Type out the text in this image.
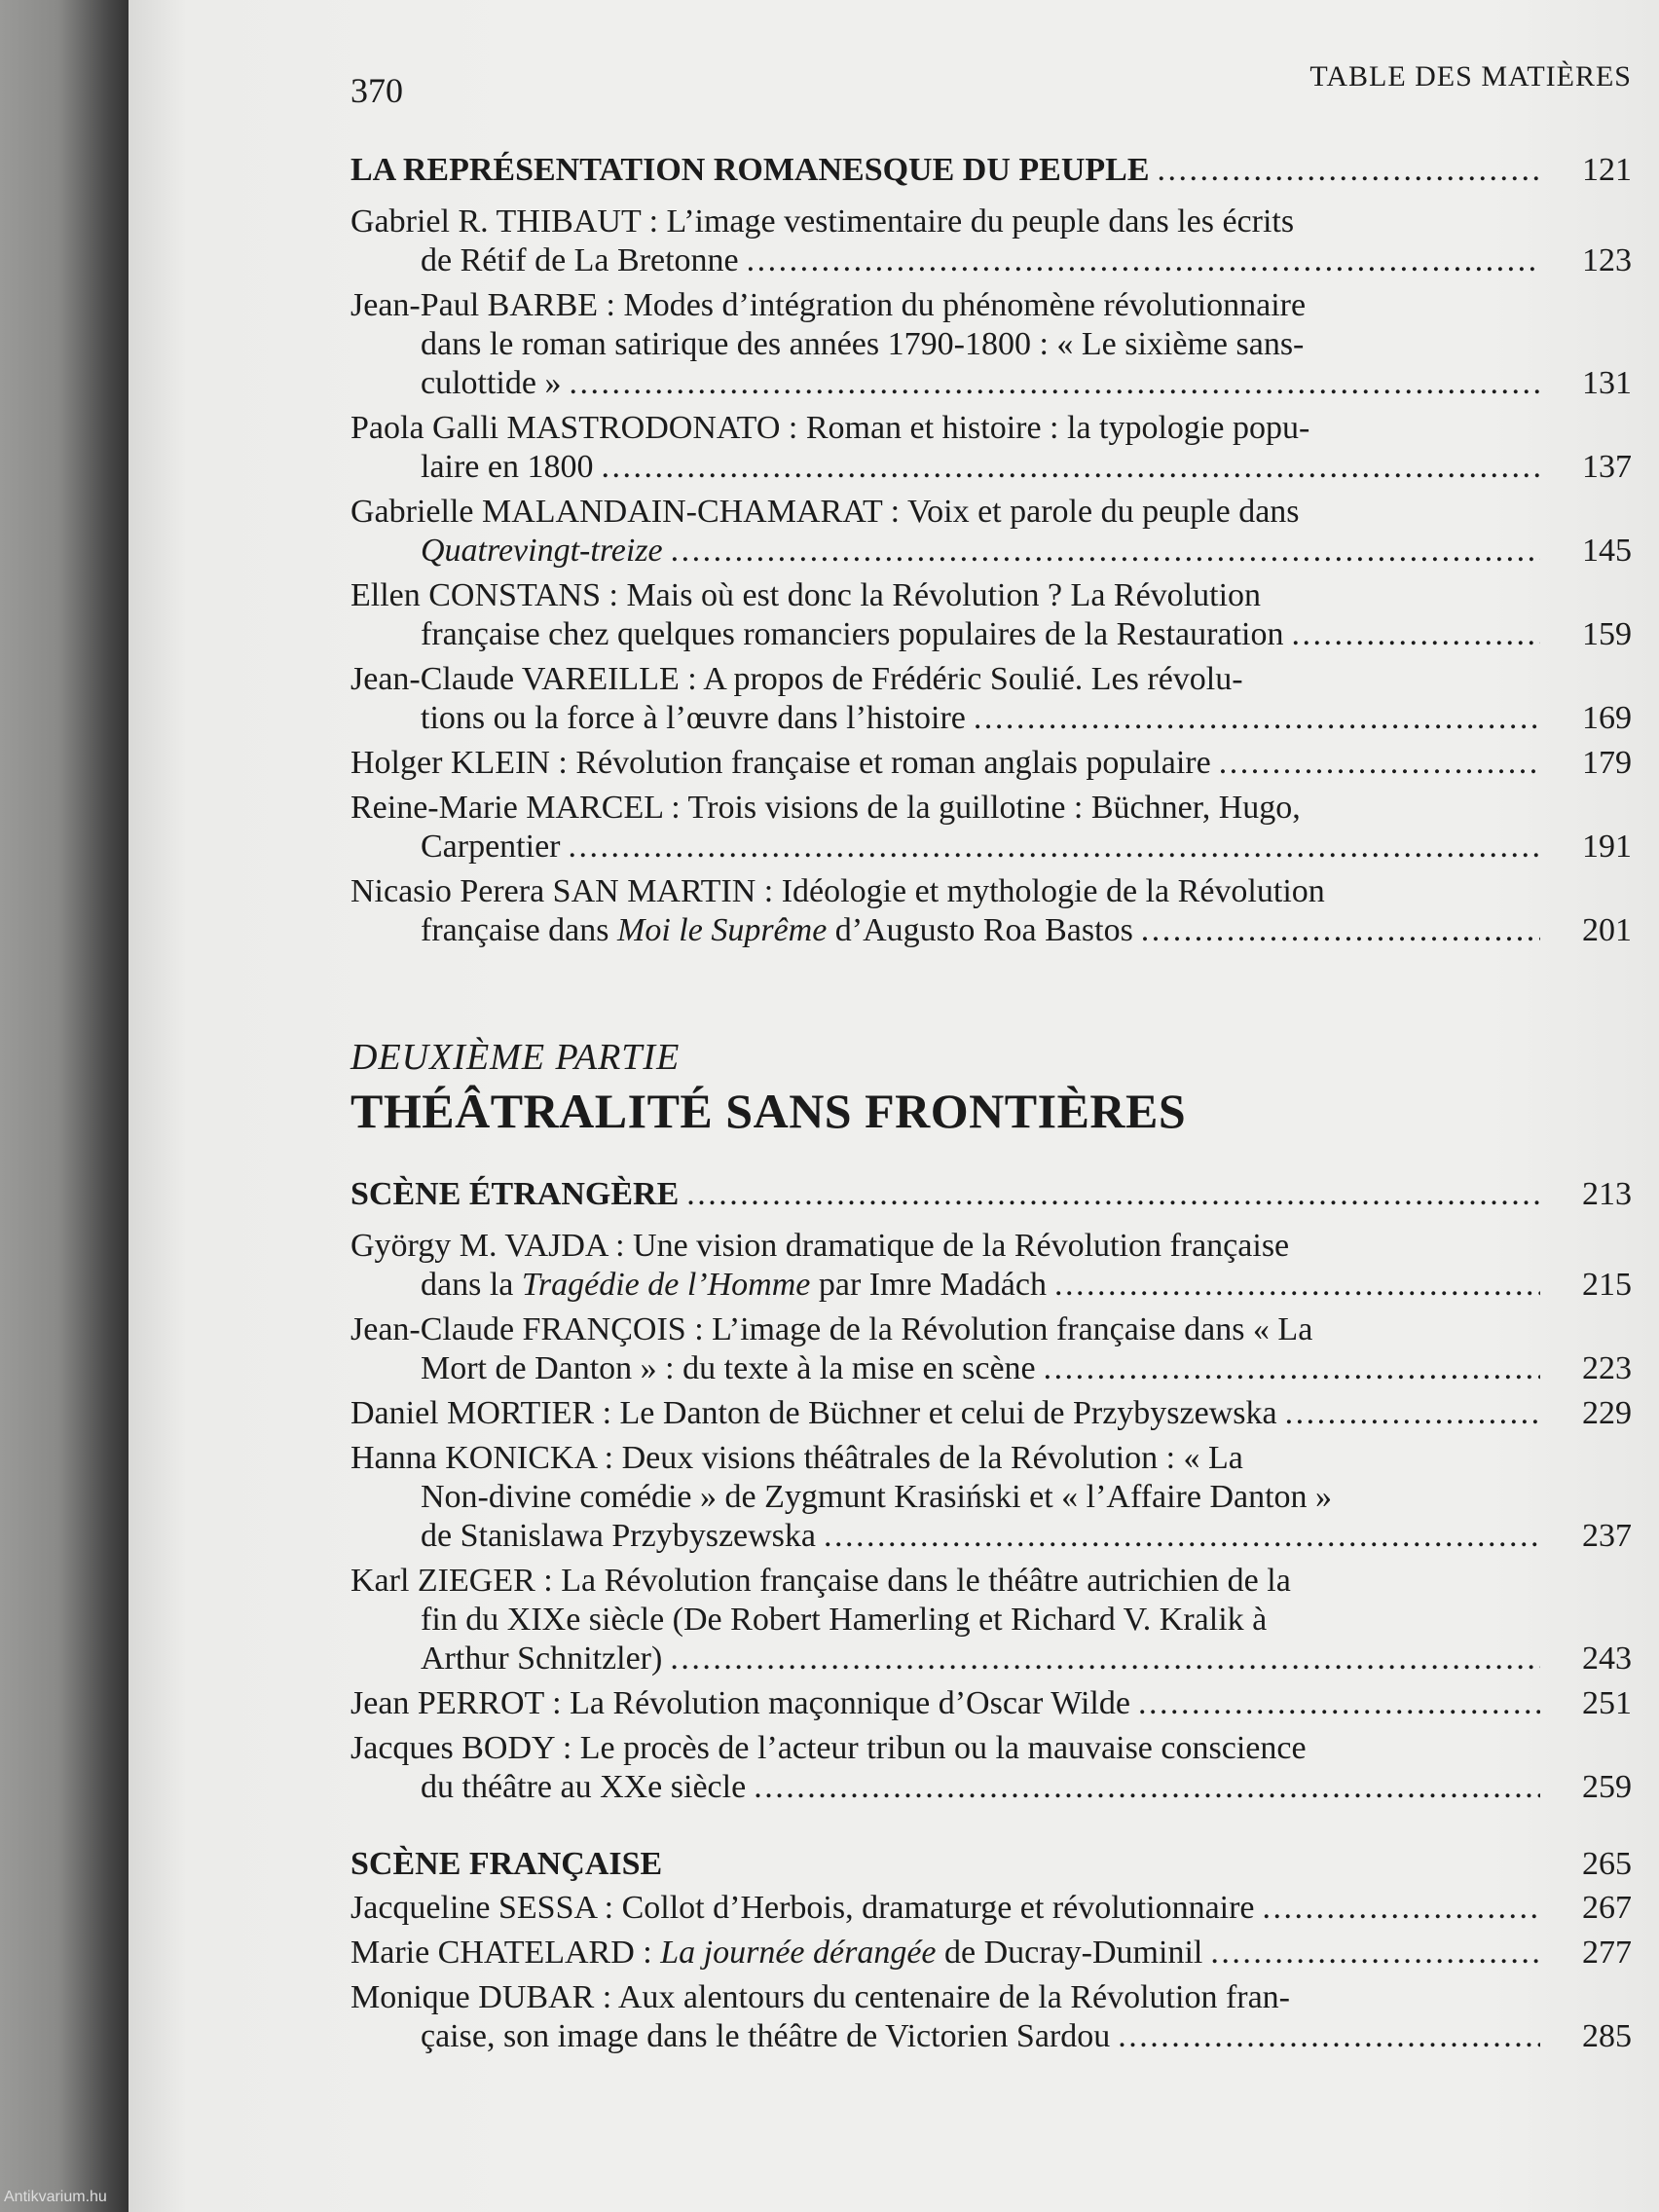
370	TABLE DES MATIÈRES
LA REPRÉSENTATION ROMANESQUE DU PEUPLE . . .	121
Gabriel R. THIBAUT : L’image vestimentaire du peuple dans les écrits
de Rétif de La Bretonne . . .	123
Jean-Paul BARBE : Modes d’intégration du phénomène révolutionnaire
dans le roman satirique des années 1790-1800 : « Le sixième sans-
culottide » . . .	131
Paola Galli MASTRODONATO : Roman et histoire : la typologie popu-
laire en 1800 . . .	137
Gabrielle MALANDAIN-CHAMARAT : Voix et parole du peuple dans
Quatrevingt-treize . . .	145
Ellen CONSTANS : Mais où est donc la Révolution ? La Révolution
française chez quelques romanciers populaires de la Restauration . . .	159
Jean-Claude VAREILLE : A propos de Frédéric Soulié. Les révolu-
tions ou la force à l’œuvre dans l’histoire . . .	169
Holger KLEIN : Révolution française et roman anglais populaire . . .	179
Reine-Marie MARCEL : Trois visions de la guillotine : Büchner, Hugo,
Carpentier . . .	191
Nicasio Perera SAN MARTIN : Idéologie et mythologie de la Révolution
française dans Moi le Suprême d’Augusto Roa Bastos . . .	201
DEUXIÈME PARTIE
THÉÂTRALITÉ SANS FRONTIÈRES
SCÈNE ÉTRANGÈRE . . .	213
György M. VAJDA : Une vision dramatique de la Révolution française
dans la Tragédie de l’Homme par Imre Madách . . .	215
Jean-Claude FRANÇOIS : L’image de la Révolution française dans « La
Mort de Danton » : du texte à la mise en scène . . .	223
Daniel MORTIER : Le Danton de Büchner et celui de Przybyszewska . . .	229
Hanna KONICKA : Deux visions théâtrales de la Révolution : « La
Non-divine comédie » de Zygmunt Krasiński et « l’Affaire Danton »
de Stanislawa Przybyszewska . . .	237
Karl ZIEGER : La Révolution française dans le théâtre autrichien de la
fin du XIXe siècle (De Robert Hamerling et Richard V. Kralik à
Arthur Schnitzler) . . .	243
Jean PERROT : La Révolution maçonnique d’Oscar Wilde . . .	251
Jacques BODY : Le procès de l’acteur tribun ou la mauvaise conscience
du théâtre au XXe siècle . . .	259
SCÈNE FRANÇAISE	265
Jacqueline SESSA : Collot d’Herbois, dramaturge et révolutionnaire . . .	267
Marie CHATELARD : La journée dérangée de Ducray-Duminil . . .	277
Monique DUBAR : Aux alentours du centenaire de la Révolution fran-
çaise, son image dans le théâtre de Victorien Sardou . . .	285
Antikvarium.hu
